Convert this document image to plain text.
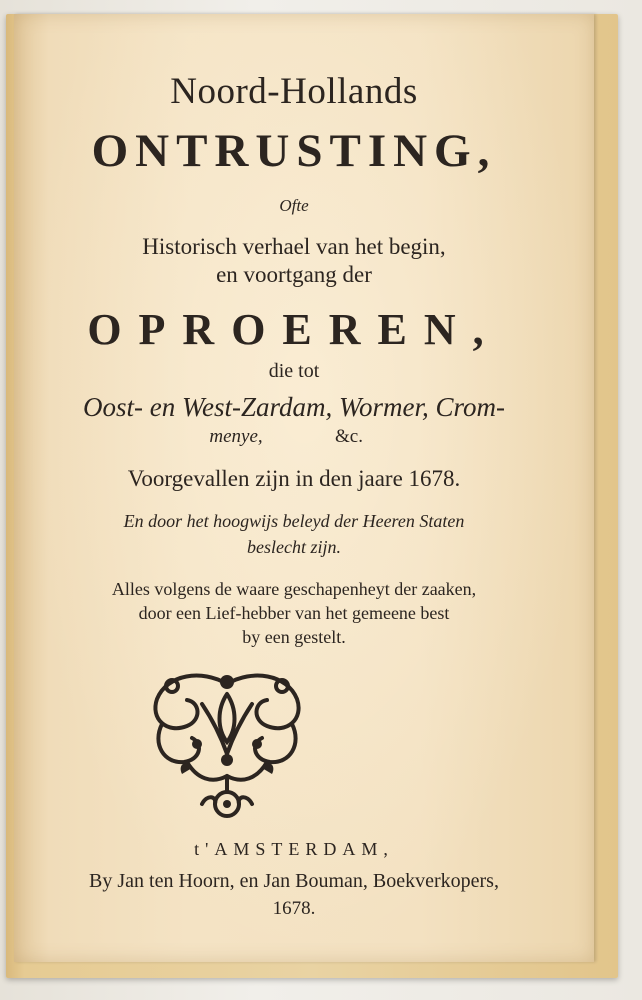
Noord-Hollands
ONTRUSTING,
Ofte
Historisch verhael van het begin,
en voortgang der
OPROEREN,
die tot
Oost- en West-Zardam, Wormer, Crom-
menye,	&c.
Voorgevallen zijn in den jaare 1678.
En door het hoogwijs beleyd der Heeren Staten
beslecht zijn.
Alles volgens de waare geschapenheyt der zaaken,
door een Lief-hebber van het gemeene best
by een gestelt.
t'AMSTERDAM,
By Jan ten Hoorn, en Jan Bouman, Boekverkopers,
1678.
